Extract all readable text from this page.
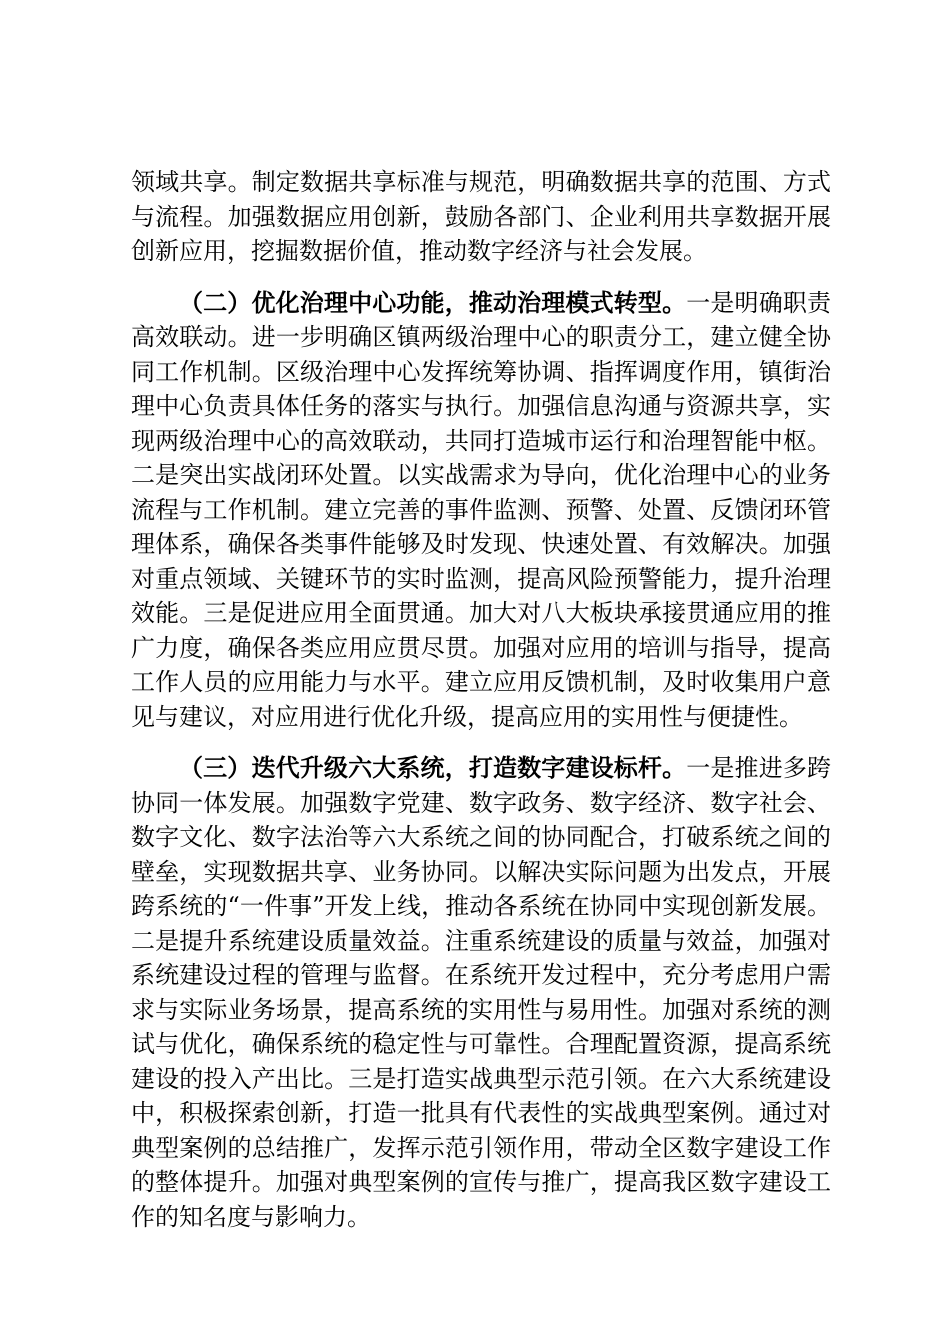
领域共享。制定数据共享标准与规范，明确数据共享的范围、方式与流程。加强数据应用创新，鼓励各部门、企业利用共享数据开展创新应用，挖掘数据价值，推动数字经济与社会发展。

（二）优化治理中心功能，推动治理模式转型。一是明确职责高效联动。进一步明确区镇两级治理中心的职责分工，建立健全协同工作机制。区级治理中心发挥统筹协调、指挥调度作用，镇街治理中心负责具体任务的落实与执行。加强信息沟通与资源共享，实现两级治理中心的高效联动，共同打造城市运行和治理智能中枢。二是突出实战闭环处置。以实战需求为导向，优化治理中心的业务流程与工作机制。建立完善的事件监测、预警、处置、反馈闭环管理体系，确保各类事件能够及时发现、快速处置、有效解决。加强对重点领域、关键环节的实时监测，提高风险预警能力，提升治理效能。三是促进应用全面贯通。加大对八大板块承接贯通应用的推广力度，确保各类应用应贯尽贯。加强对应用的培训与指导，提高工作人员的应用能力与水平。建立应用反馈机制，及时收集用户意见与建议，对应用进行优化升级，提高应用的实用性与便捷性。

（三）迭代升级六大系统，打造数字建设标杆。一是推进多跨协同一体发展。加强数字党建、数字政务、数字经济、数字社会、数字文化、数字法治等六大系统之间的协同配合，打破系统之间的壁垒，实现数据共享、业务协同。以解决实际问题为出发点，开展跨系统的“一件事”开发上线，推动各系统在协同中实现创新发展。二是提升系统建设质量效益。注重系统建设的质量与效益，加强对系统建设过程的管理与监督。在系统开发过程中，充分考虑用户需求与实际业务场景，提高系统的实用性与易用性。加强对系统的测试与优化，确保系统的稳定性与可靠性。合理配置资源，提高系统建设的投入产出比。三是打造实战典型示范引领。在六大系统建设中，积极探索创新，打造一批具有代表性的实战典型案例。通过对典型案例的总结推广，发挥示范引领作用，带动全区数字建设工作的整体提升。加强对典型案例的宣传与推广，提高我区数字建设工作的知名度与影响力。
